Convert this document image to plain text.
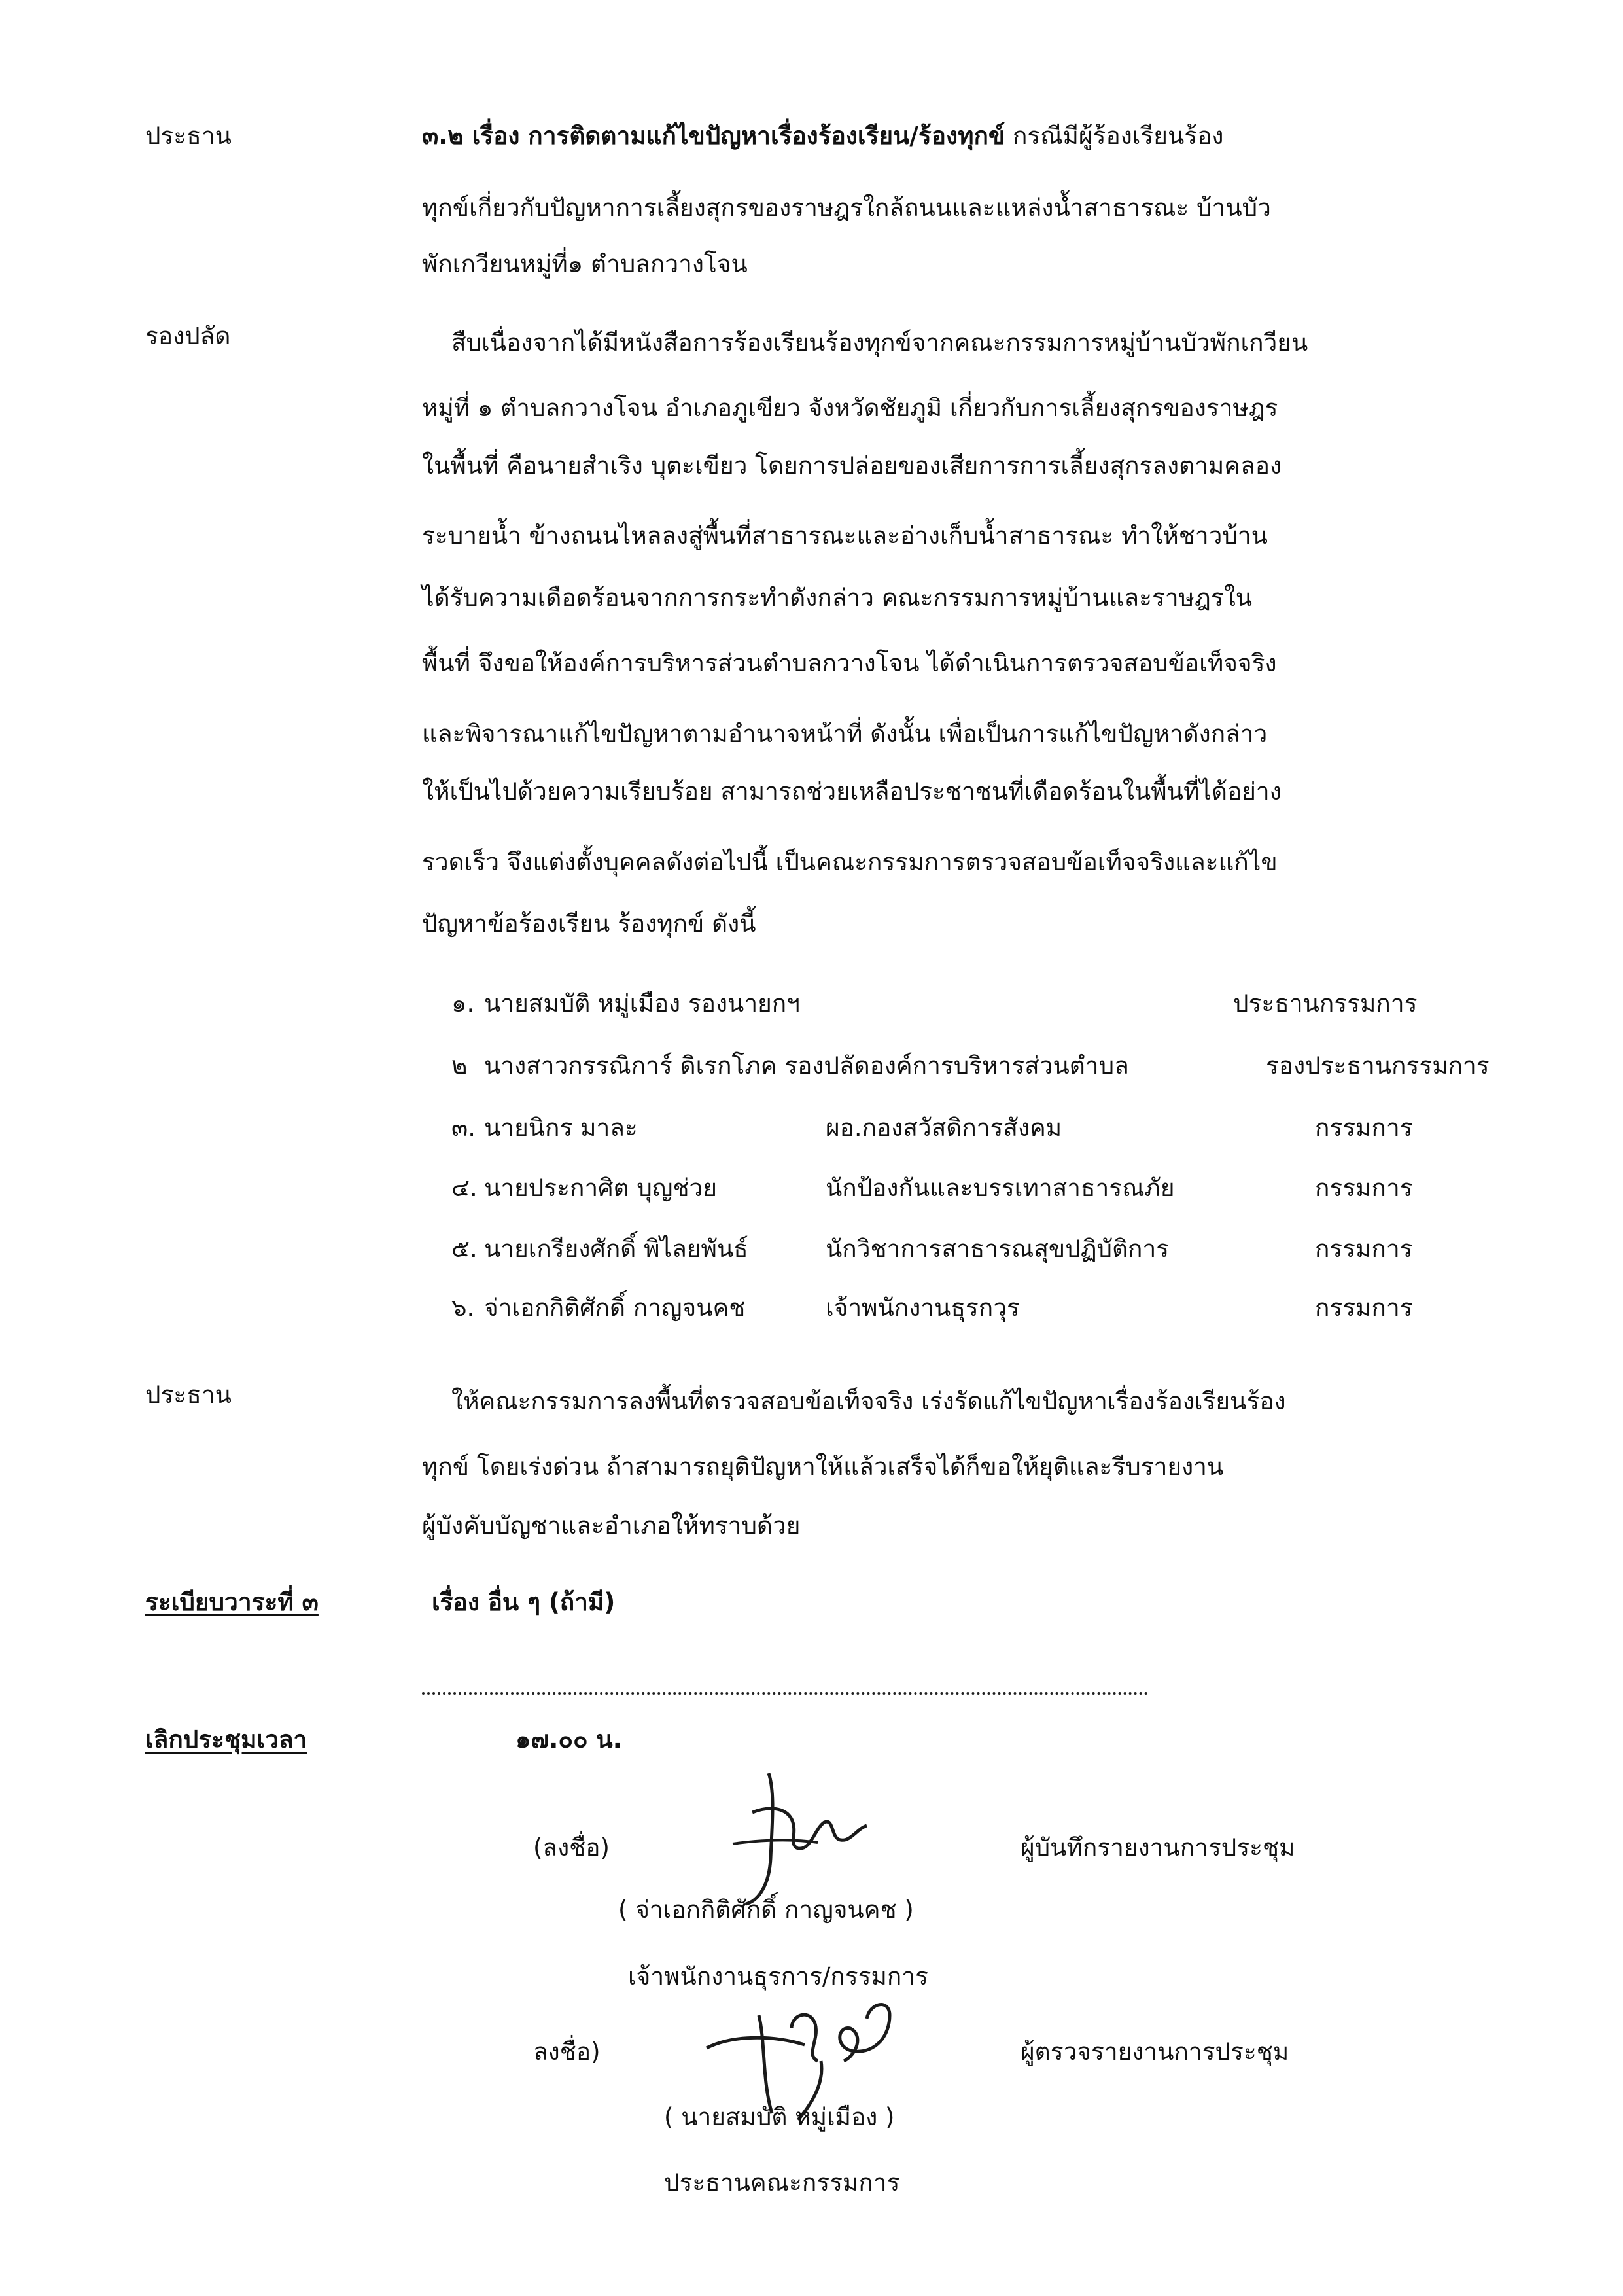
ประธาน	๓.๒ เรื่อง การติดตามแก้ไขปัญหาเรื่องร้องเรียน/ร้องทุกข์ กรณีมีผู้ร้องเรียนร้อง
ทุกข์เกี่ยวกับปัญหาการเลี้ยงสุกรของราษฎรใกล้ถนนและแหล่งน้ำสาธารณะ บ้านบัว
พักเกวียนหมู่ที่๑ ตำบลกวางโจน
รองปลัด	สืบเนื่องจากได้มีหนังสือการร้องเรียนร้องทุกข์จากคณะกรรมการหมู่บ้านบัวพักเกวียน
หมู่ที่ ๑ ตำบลกวางโจน อำเภอภูเขียว จังหวัดชัยภูมิ เกี่ยวกับการเลี้ยงสุกรของราษฎร
ในพื้นที่ คือนายสำเริง บุตะเขียว โดยการปล่อยของเสียการการเลี้ยงสุกรลงตามคลอง
ระบายน้ำ ข้างถนนไหลลงสู่พื้นที่สาธารณะและอ่างเก็บน้ำสาธารณะ ทำให้ชาวบ้าน
ได้รับความเดือดร้อนจากการกระทำดังกล่าว คณะกรรมการหมู่บ้านและราษฎรใน
พื้นที่ จึงขอให้องค์การบริหารส่วนตำบลกวางโจน ได้ดำเนินการตรวจสอบข้อเท็จจริง
และพิจารณาแก้ไขปัญหาตามอำนาจหน้าที่ ดังนั้น เพื่อเป็นการแก้ไขปัญหาดังกล่าว
ให้เป็นไปด้วยความเรียบร้อย สามารถช่วยเหลือประชาชนที่เดือดร้อนในพื้นที่ได้อย่าง
รวดเร็ว จึงแต่งตั้งบุคคลดังต่อไปนี้ เป็นคณะกรรมการตรวจสอบข้อเท็จจริงและแก้ไข
ปัญหาข้อร้องเรียน ร้องทุกข์ ดังนี้
๑. นายสมบัติ หมู่เมือง รองนายกฯ	ประธานกรรมการ
๒ นางสาวกรรณิการ์ ดิเรกโภค รองปลัดองค์การบริหารส่วนตำบล	รองประธานกรรมการ
๓. นายนิกร มาละ	ผอ.กองสวัสดิการสังคม	กรรมการ
๔. นายประกาศิต บุญช่วย	นักป้องกันและบรรเทาสาธารณภัย	กรรมการ
๕. นายเกรียงศักดิ์ พิไลยพันธ์	นักวิชาการสาธารณสุขปฏิบัติการ	กรรมการ
๖. จ่าเอกกิติศักดิ์ กาญจนคช	เจ้าพนักงานธุรกวุร	กรรมการ
ประธาน	ให้คณะกรรมการลงพื้นที่ตรวจสอบข้อเท็จจริง เร่งรัดแก้ไขปัญหาเรื่องร้องเรียนร้อง
ทุกข์ โดยเร่งด่วน ถ้าสามารถยุติปัญหาให้แล้วเสร็จได้ก็ขอให้ยุติและรีบรายงาน
ผู้บังคับบัญชาและอำเภอให้ทราบด้วย
ระเบียบวาระที่ ๓	เรื่อง อื่น ๆ (ถ้ามี)
เลิกประชุมเวลา	๑๗.๐๐ น.
(ลงชื่อ)	ผู้บันทึกรายงานการประชุม
( จ่าเอกกิติศักดิ์ กาญจนคช )
เจ้าพนักงานธุรการ/กรรมการ
ลงชื่อ)	ผู้ตรวจรายงานการประชุม
( นายสมบัติ หมู่เมือง )
ประธานคณะกรรมการ
